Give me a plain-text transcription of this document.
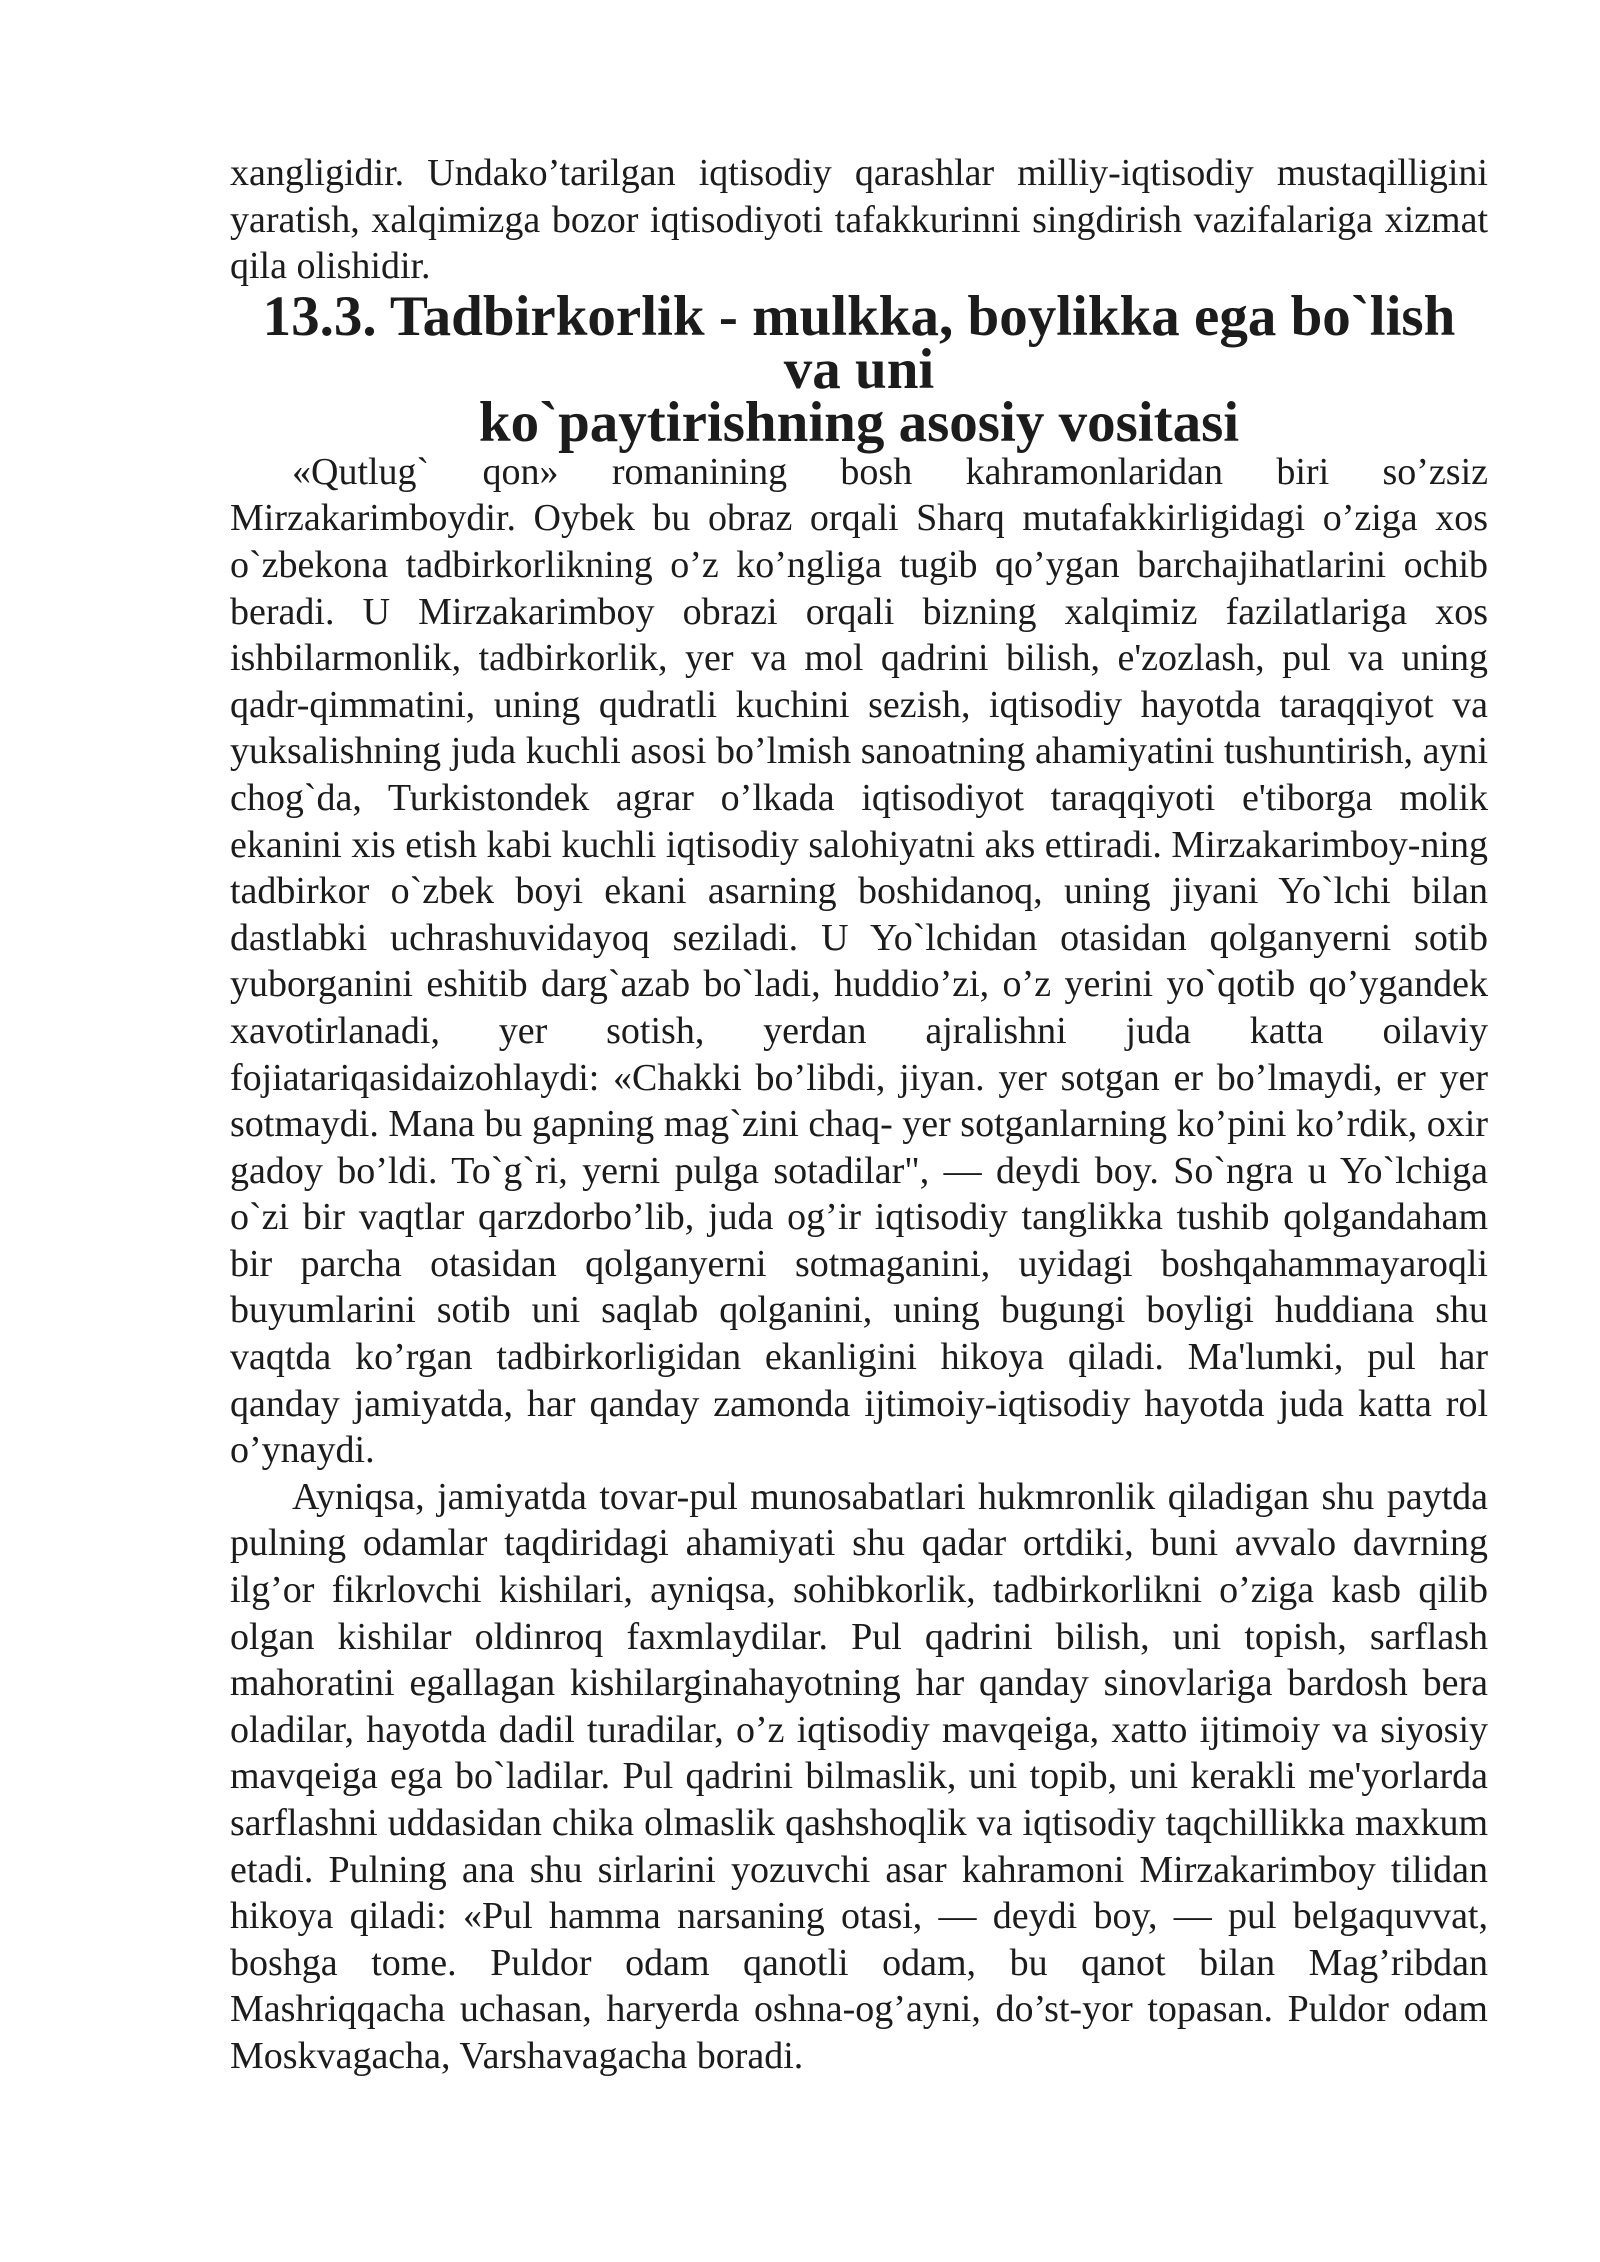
xangligidir. Undako’tarilgan iqtisodiy qarashlar milliy-iqtisodiy mustaqilligini yaratish, xalqimizga bozor iqtisodiyoti tafakkurinni singdirish vazifalariga xizmat qila olishidir.

13.3. Tadbirkorlik - mulkka, boylikka ega bo`lish va uni
ko`paytirishning asosiy vositasi

«Qutlug` qon» romanining bosh kahramonlaridan biri so’zsiz Mirzakarimboydir. Oybek bu obraz orqali Sharq mutafakkirligidagi o’ziga xos o`zbekona tadbirkorlikning o’z ko’ngliga tugib qo’ygan barchajihatlarini ochib beradi. U Mirzakarimboy obrazi orqali bizning xalqimiz fazilatlariga xos ishbilarmonlik, tadbirkorlik, yer va mol qadrini bilish, e'zozlash, pul va uning qadr-qimmatini, uning qudratli kuchini sezish, iqtisodiy hayotda taraqqiyot va yuksalishning juda kuchli asosi bo’lmish sanoatning ahamiyatini tushuntirish, ayni chog`da, Turkistondek agrar o’lkada iqtisodiyot taraqqiyoti e'tiborga molik ekanini xis etish kabi kuchli iqtisodiy salohiyatni aks ettiradi. Mirzakarimboy-ning tadbirkor o`zbek boyi ekani asarning boshidanoq, uning jiyani Yo`lchi bilan dastlabki uchrashuvidayoq seziladi. U Yo`lchidan otasidan qolganyerni sotib yuborganini eshitib darg`azab bo`ladi, huddio’zi, o’z yerini yo`qotib qo’ygandek xavotirlanadi, yer sotish, yerdan ajralishni juda katta oilaviy fojiatariqasidaizohlaydi: «Chakki bo’libdi, jiyan. yer sotgan er bo’lmaydi, er yer sotmaydi. Mana bu gapning mag`zini chaq- yer sotganlarning ko’pini ko’rdik, oxir gadoy bo’ldi. To`g`ri, yerni pulga sotadilar", — deydi boy. So`ngra u Yo`lchiga o`zi bir vaqtlar qarzdorbo’lib, juda og’ir iqtisodiy tanglikka tushib qolgandaham bir parcha otasidan qolganyerni sotmaganini, uyidagi boshqahammayaroqli buyumlarini sotib uni saqlab qolganini, uning bugungi boyligi huddiana shu vaqtda ko’rgan tadbirkorligidan ekanligini hikoya qiladi. Ma'lumki, pul har qanday jamiyatda, har qanday zamonda ijtimoiy-iqtisodiy hayotda juda katta rol o’ynaydi.

Ayniqsa, jamiyatda tovar-pul munosabatlari hukmronlik qiladigan shu paytda pulning odamlar taqdiridagi ahamiyati shu qadar ortdiki, buni avvalo davrning ilg’or fikrlovchi kishilari, ayniqsa, sohibkorlik, tadbirkorlikni o’ziga kasb qilib olgan kishilar oldinroq faxmlaydilar. Pul qadrini bilish, uni topish, sarflash mahoratini egallagan kishilarginahayotning har qanday sinovlariga bardosh bera oladilar, hayotda dadil turadilar, o’z iqtisodiy mavqeiga, xatto ijtimoiy va siyosiy mavqeiga ega bo`ladilar. Pul qadrini bilmaslik, uni topib, uni kerakli me'yorlarda sarflashni uddasidan chika olmaslik qashshoqlik va iqtisodiy taqchillikka maxkum etadi. Pulning ana shu sirlarini yozuvchi asar kahramoni Mirzakarimboy tilidan hikoya qiladi: «Pul hamma narsaning otasi, — deydi boy, — pul belgaquvvat, boshga tome. Puldor odam qanotli odam, bu qanot bilan Mag’ribdan Mashriqqacha uchasan, haryerda oshna-og’ayni, do’st-yor topasan. Puldor odam Moskvagacha, Varshavagacha boradi.
